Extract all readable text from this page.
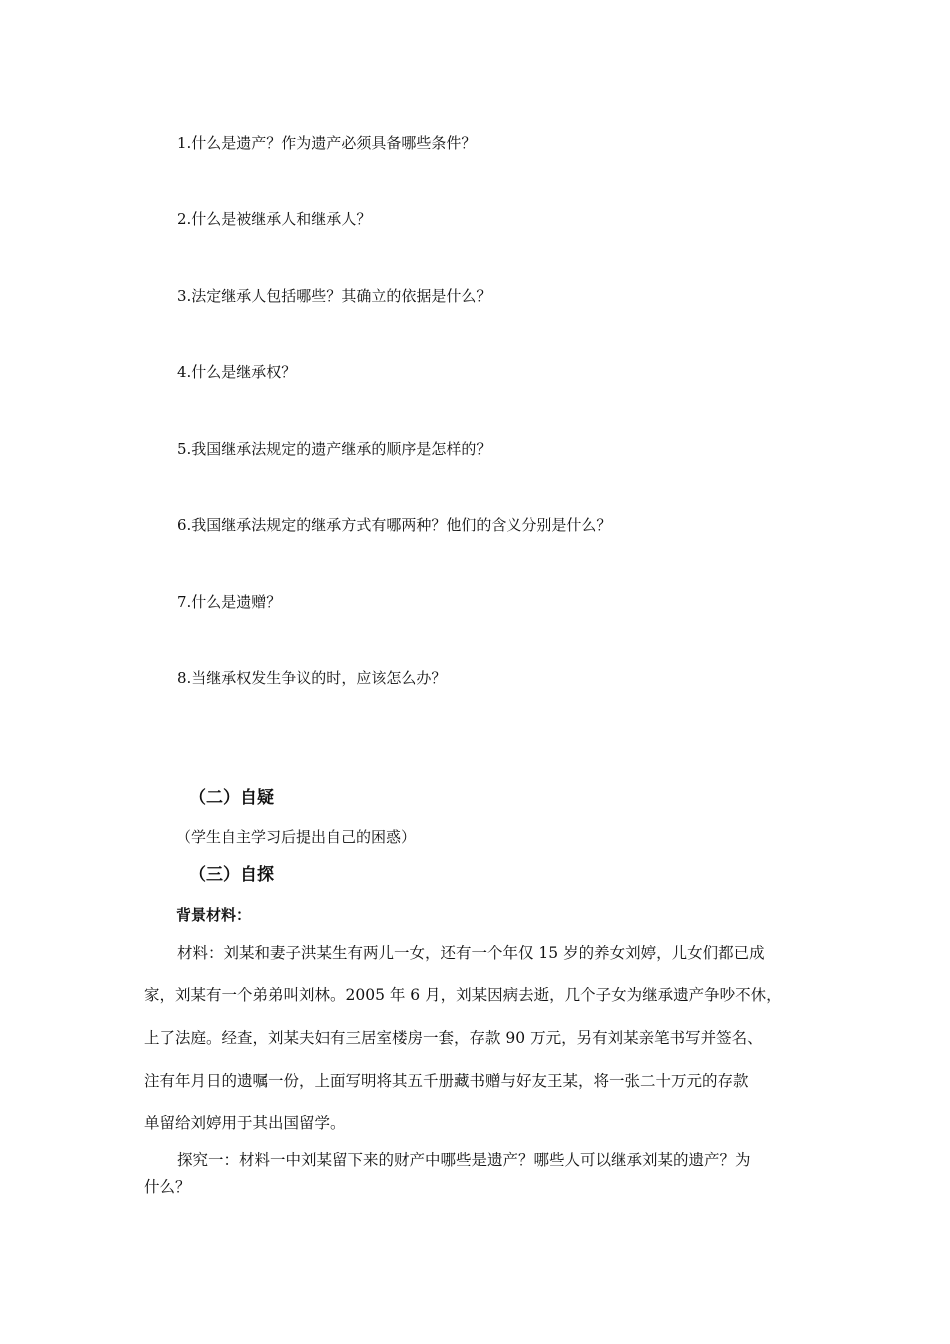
1.什么是遗产？作为遗产必须具备哪些条件？
2.什么是被继承人和继承人？
3.法定继承人包括哪些？其确立的依据是什么？
4.什么是继承权？
5.我国继承法规定的遗产继承的顺序是怎样的？
6.我国继承法规定的继承方式有哪两种？他们的含义分别是什么？
7.什么是遗赠？
8.当继承权发生争议的时，应该怎么办？
（二）自疑
（学生自主学习后提出自己的困惑）
（三）自探
背景材料：
材料：刘某和妻子洪某生有两儿一女，还有一个年仅 15 岁的养女刘婷，儿女们都已成
家，刘某有一个弟弟叫刘林。2005 年 6 月，刘某因病去逝，几个子女为继承遗产争吵不休，
上了法庭。经查，刘某夫妇有三居室楼房一套，存款 90 万元，另有刘某亲笔书写并签名、
注有年月日的遗嘱一份，上面写明将其五千册藏书赠与好友王某，将一张二十万元的存款
单留给刘婷用于其出国留学。
探究一：材料一中刘某留下来的财产中哪些是遗产？哪些人可以继承刘某的遗产？为
什么？
